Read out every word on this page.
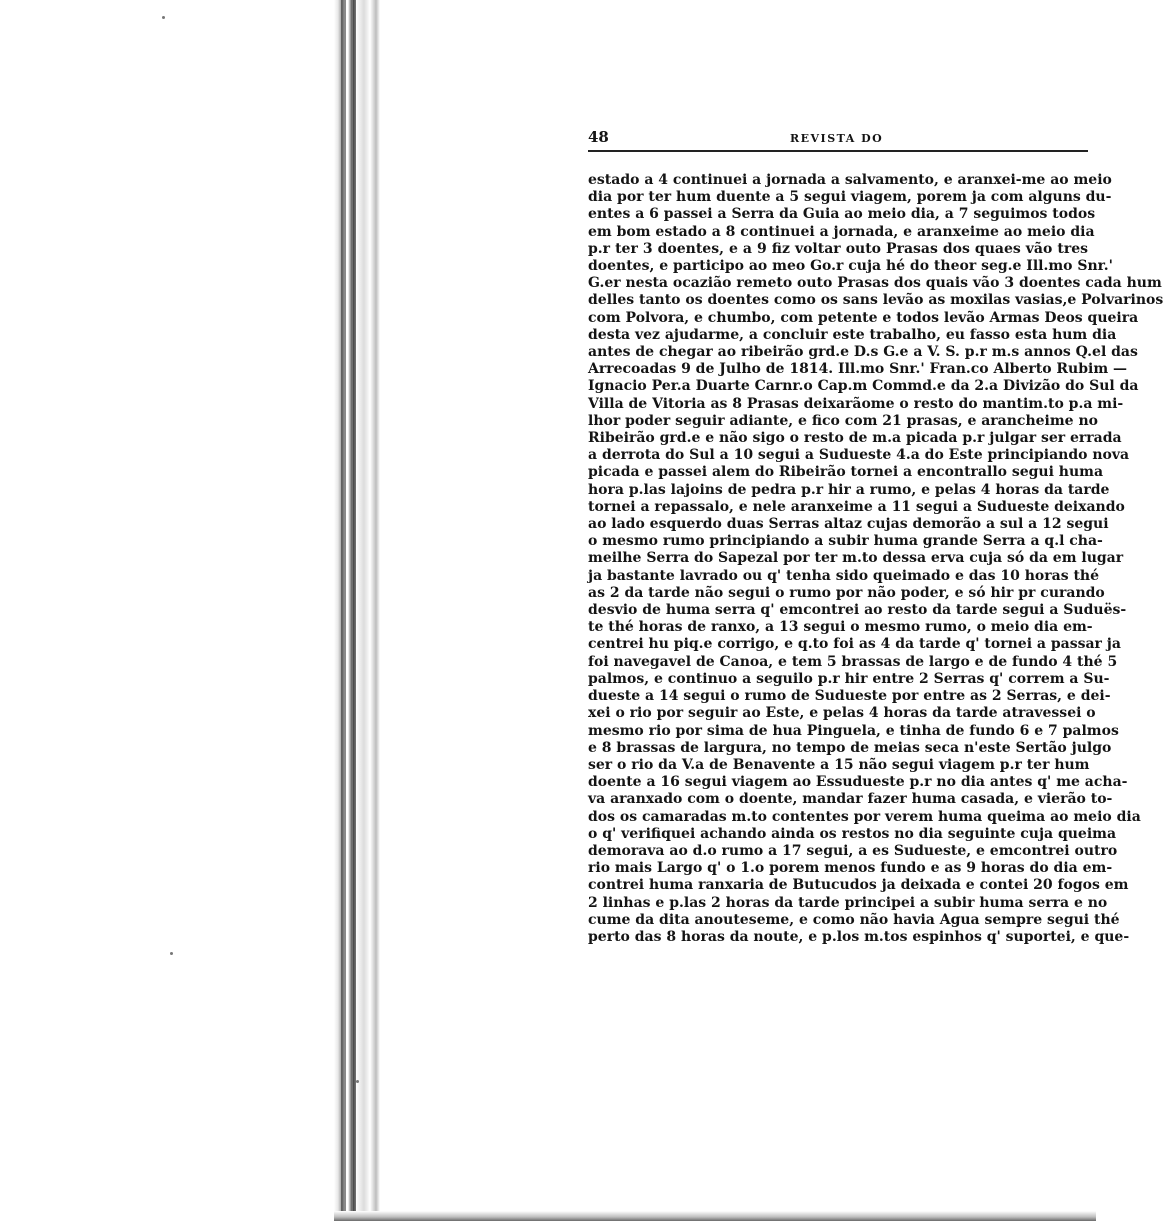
48	REVISTA DO
estado a 4 continuei a jornada a salvamento, e aranxei-me ao meio
dia por ter hum duente a 5 segui viagem, porem ja com alguns du-
entes a 6 passei a Serra da Guia ao meio dia, a 7 seguimos todos
em bom estado a 8 continuei a jornada, e aranxeime ao meio dia
p.r ter 3 doentes, e a 9 fiz voltar outo Prasas dos quaes vão tres
doentes, e participo ao meo Go.r cuja hé do theor seg.e Ill.mo Snr.'
G.er nesta ocazião remeto outo Prasas dos quais vão 3 doentes cada hum
delles tanto os doentes como os sans levão as moxilas vasias,e Polvarinos
com Polvora, e chumbo, com petente e todos levão Armas Deos queira
desta vez ajudarme, a concluir este trabalho, eu fasso esta hum dia
antes de chegar ao ribeirão grd.e D.s G.e a V. S. p.r m.s annos Q.el das
Arrecoadas 9 de Julho de 1814. Ill.mo Snr.' Fran.co Alberto Rubim —
Ignacio Per.a Duarte Carnr.o Cap.m Commd.e da 2.a Divizão do Sul da
Villa de Vitoria as 8 Prasas deixarãome o resto do mantim.to p.a mi-
lhor poder seguir adiante, e fico com 21 prasas, e arancheime no
Ribeirão grd.e e não sigo o resto de m.a picada p.r julgar ser errada
a derrota do Sul a 10 segui a Sudueste 4.a do Este principiando nova
picada e passei alem do Ribeirão tornei a encontrallo segui huma
hora p.las lajoins de pedra p.r hir a rumo, e pelas 4 horas da tarde
tornei a repassalo, e nele aranxeime a 11 segui a Sudueste deixando
ao lado esquerdo duas Serras altaz cujas demorão a sul a 12 segui
o mesmo rumo principiando a subir huma grande Serra a q.l cha-
meilhe Serra do Sapezal por ter m.to dessa erva cuja só da em lugar
ja bastante lavrado ou q' tenha sido queimado e das 10 horas thé
as 2 da tarde não segui o rumo por não poder, e só hir pr curando
desvio de huma serra q' emcontrei ao resto da tarde segui a Suduës-
te thé horas de ranxo, a 13 segui o mesmo rumo, o meio dia em-
centrei hu piq.e corrigo, e q.to foi as 4 da tarde q' tornei a passar ja
foi navegavel de Canoa, e tem 5 brassas de largo e de fundo 4 thé 5
palmos, e continuo a seguilo p.r hir entre 2 Serras q' correm a Su-
dueste a 14 segui o rumo de Sudueste por entre as 2 Serras, e dei-
xei o rio por seguir ao Este, e pelas 4 horas da tarde atravessei o
mesmo rio por sima de hua Pinguela, e tinha de fundo 6 e 7 palmos
e 8 brassas de largura, no tempo de meias seca n'este Sertão julgo
ser o rio da V.a de Benavente a 15 não segui viagem p.r ter hum
doente a 16 segui viagem ao Essudueste p.r no dia antes q' me acha-
va aranxado com o doente, mandar fazer huma casada, e vierão to-
dos os camaradas m.to contentes por verem huma queima ao meio dia
o q' verifiquei achando ainda os restos no dia seguinte cuja queima
demorava ao d.o rumo a 17 segui, a es Sudueste, e emcontrei outro
rio mais Largo q' o 1.o porem menos fundo e as 9 horas do dia em-
contrei huma ranxaria de Butucudos ja deixada e contei 20 fogos em
2 linhas e p.las 2 horas da tarde principei a subir huma serra e no
cume da dita anouteseme, e como não havia Agua sempre segui thé
perto das 8 horas da noute, e p.los m.tos espinhos q' suportei, e que-
